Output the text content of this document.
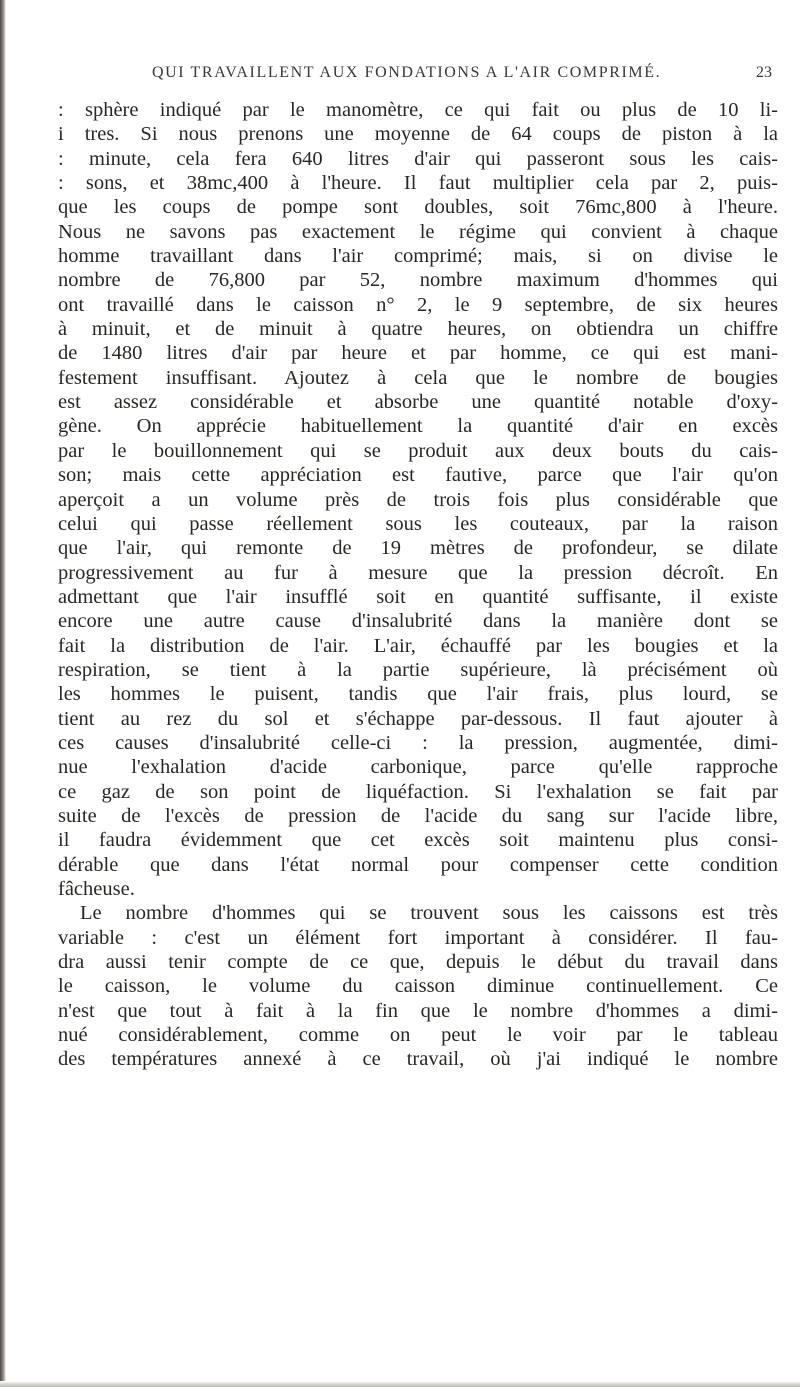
QUI TRAVAILLENT AUX FONDATIONS A L'AIR COMPRIMÉ.	23
: sphère indiqué par le manomètre, ce qui fait ou plus de 10 li-
i tres. Si nous prenons une moyenne de 64 coups de piston à la
: minute, cela fera 640 litres d'air qui passeront sous les cais-
: sons, et 38mc,400 à l'heure. Il faut multiplier cela par 2, puis-
que les coups de pompe sont doubles, soit 76mc,800 à l'heure.
Nous ne savons pas exactement le régime qui convient à chaque
homme travaillant dans l'air comprimé; mais, si on divise le
nombre de 76,800 par 52, nombre maximum d'hommes qui
ont travaillé dans le caisson n° 2, le 9 septembre, de six heures
à minuit, et de minuit à quatre heures, on obtiendra un chiffre
de 1480 litres d'air par heure et par homme, ce qui est mani-
festement insuffisant. Ajoutez à cela que le nombre de bougies
est assez considérable et absorbe une quantité notable d'oxy-
gène. On apprécie habituellement la quantité d'air en excès
par le bouillonnement qui se produit aux deux bouts du cais-
son; mais cette appréciation est fautive, parce que l'air qu'on
aperçoit a un volume près de trois fois plus considérable que
celui qui passe réellement sous les couteaux, par la raison
que l'air, qui remonte de 19 mètres de profondeur, se dilate
progressivement au fur à mesure que la pression décroît. En
admettant que l'air insufflé soit en quantité suffisante, il existe
encore une autre cause d'insalubrité dans la manière dont se
fait la distribution de l'air. L'air, échauffé par les bougies et la
respiration, se tient à la partie supérieure, là précisément où
les hommes le puisent, tandis que l'air frais, plus lourd, se
tient au rez du sol et s'échappe par-dessous. Il faut ajouter à
ces causes d'insalubrité celle-ci : la pression, augmentée, dimi-
nue l'exhalation d'acide carbonique, parce qu'elle rapproche
ce gaz de son point de liquéfaction. Si l'exhalation se fait par
suite de l'excès de pression de l'acide du sang sur l'acide libre,
il faudra évidemment que cet excès soit maintenu plus consi-
dérable que dans l'état normal pour compenser cette condition
fâcheuse.
Le nombre d'hommes qui se trouvent sous les caissons est très
variable : c'est un élément fort important à considérer. Il fau-
dra aussi tenir compte de ce que, depuis le début du travail dans
le caisson, le volume du caisson diminue continuellement. Ce
n'est que tout à fait à la fin que le nombre d'hommes a dimi-
nué considérablement, comme on peut le voir par le tableau
des températures annexé à ce travail, où j'ai indiqué le nombre
